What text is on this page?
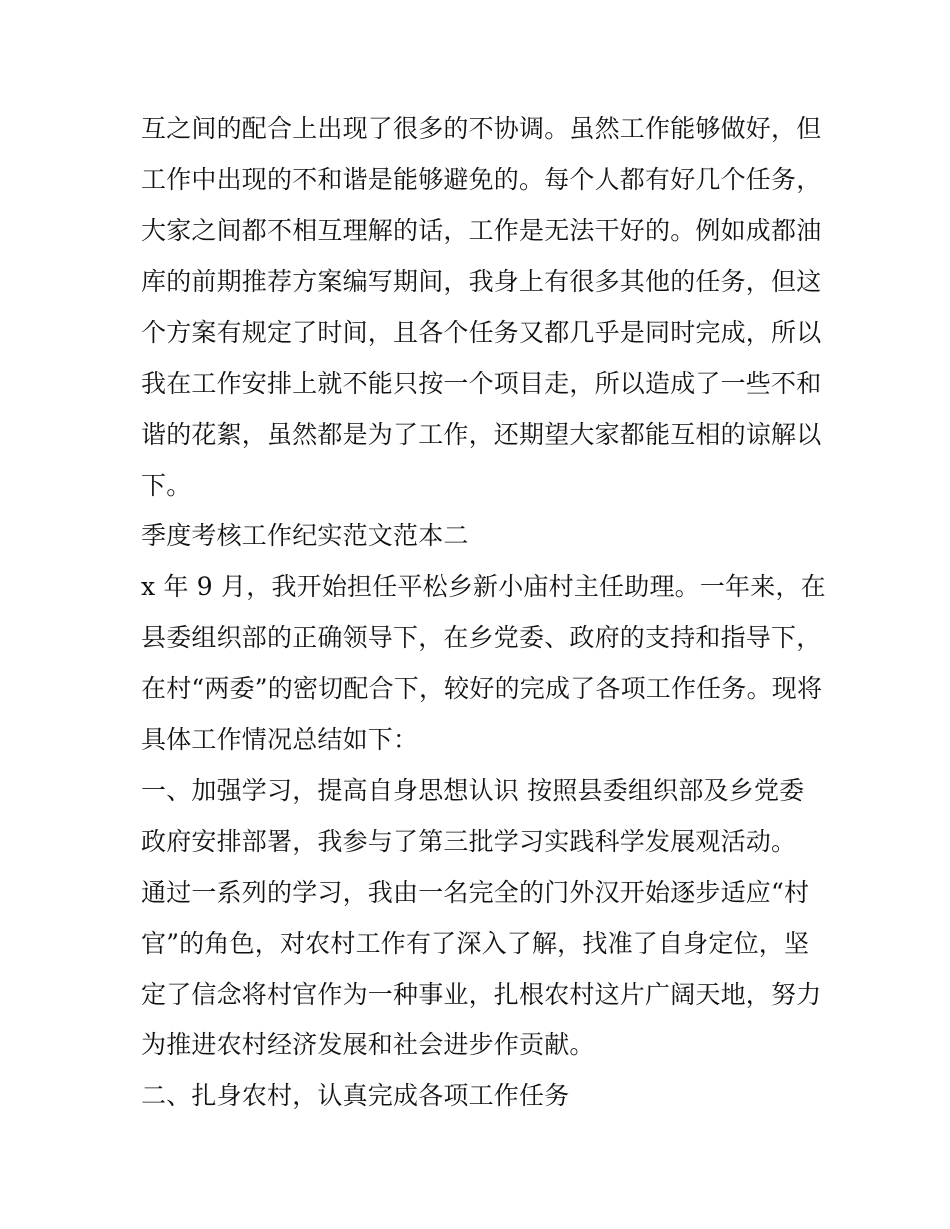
互之间的配合上出现了很多的不协调。虽然工作能够做好，但
工作中出现的不和谐是能够避免的。每个人都有好几个任务，
大家之间都不相互理解的话，工作是无法干好的。例如成都油
库的前期推荐方案编写期间，我身上有很多其他的任务，但这
个方案有规定了时间，且各个任务又都几乎是同时完成，所以
我在工作安排上就不能只按一个项目走，所以造成了一些不和
谐的花絮，虽然都是为了工作，还期望大家都能互相的谅解以
下。
季度考核工作纪实范文范本二
x 年 9 月，我开始担任平松乡新小庙村主任助理。一年来，在
县委组织部的正确领导下，在乡党委、政府的支持和指导下，
在村“两委”的密切配合下，较好的完成了各项工作任务。现将
具体工作情况总结如下：
一、加强学习，提高自身思想认识 按照县委组织部及乡党委
政府安排部署，我参与了第三批学习实践科学发展观活动。
通过一系列的学习，我由一名完全的门外汉开始逐步适应“村
官”的角色，对农村工作有了深入了解，找准了自身定位，坚
定了信念将村官作为一种事业，扎根农村这片广阔天地，努力
为推进农村经济发展和社会进步作贡献。
二、扎身农村，认真完成各项工作任务
